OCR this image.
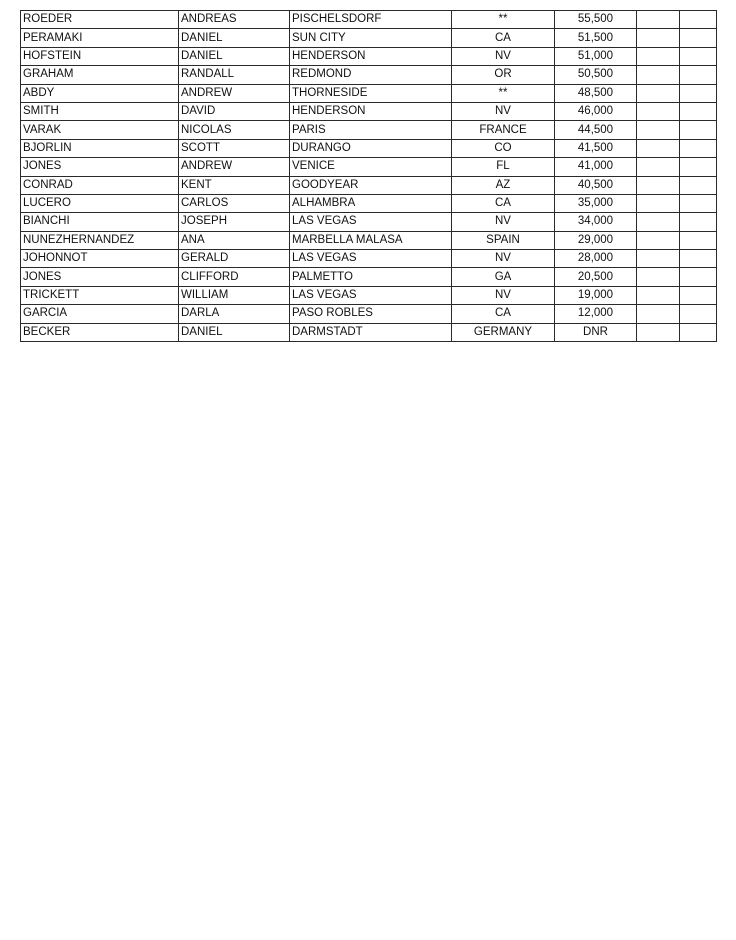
ROEDER	ANDREAS	PISCHELSDORF	**	55,500		
PERAMAKI	DANIEL	SUN CITY	CA	51,500		
HOFSTEIN	DANIEL	HENDERSON	NV	51,000		
GRAHAM	RANDALL	REDMOND	OR	50,500		
ABDY	ANDREW	THORNESIDE	**	48,500		
SMITH	DAVID	HENDERSON	NV	46,000		
VARAK	NICOLAS	PARIS	FRANCE	44,500		
BJORLIN	SCOTT	DURANGO	CO	41,500		
JONES	ANDREW	VENICE	FL	41,000		
CONRAD	KENT	GOODYEAR	AZ	40,500		
LUCERO	CARLOS	ALHAMBRA	CA	35,000		
BIANCHI	JOSEPH	LAS VEGAS	NV	34,000		
NUNEZHERNANDEZ	ANA	MARBELLA MALASA	SPAIN	29,000		
JOHONNOT	GERALD	LAS VEGAS	NV	28,000		
JONES	CLIFFORD	PALMETTO	GA	20,500		
TRICKETT	WILLIAM	LAS VEGAS	NV	19,000		
GARCIA	DARLA	PASO ROBLES	CA	12,000		
BECKER	DANIEL	DARMSTADT	GERMANY	DNR		
